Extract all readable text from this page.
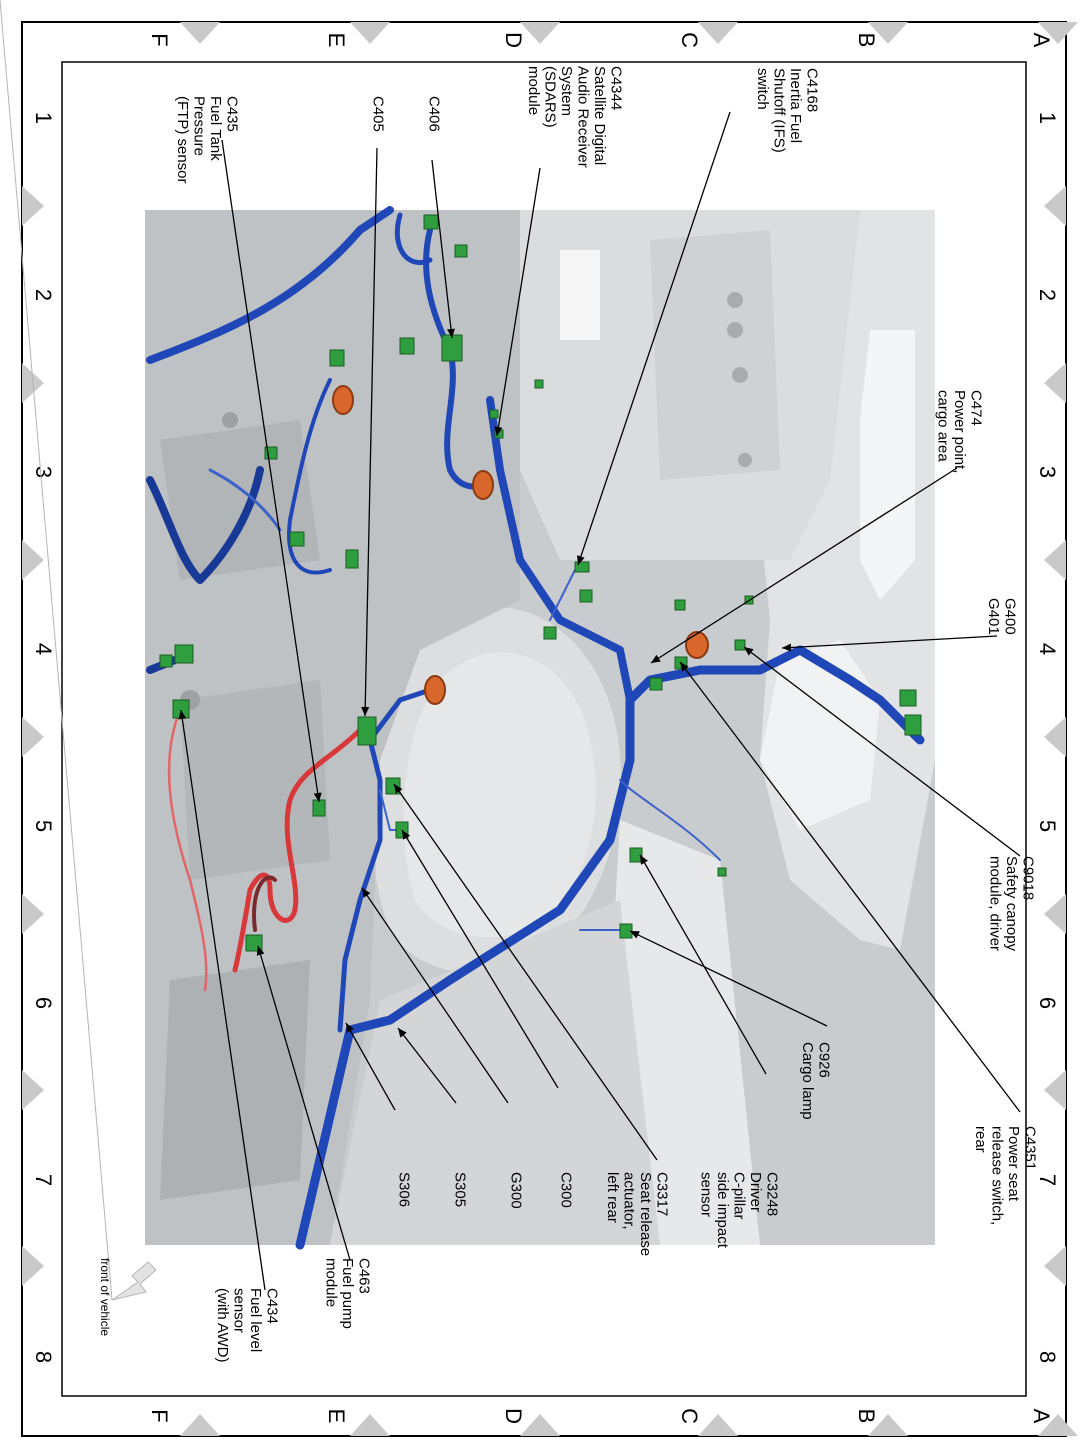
A
A
B
B
C
C
D
D
E
E
F
F
1	1
2	2
3	3
4	4
5	5
6	6
7	7
8	8
C4168
Inertia Fuel
Shutoff (IFS)
switch
C4344
Satellite Digital
Audio Receiver
System
(SDARS)
module
C406
C405
C435
Fuel Tank
Pressure
(FTP) sensor
C474
Power point,
cargo area
G400
G401
C9018
Safety canopy
module, driver
C4351
Power seat
release switch,
rear
C926
Cargo lamp
C3248
Driver
C-pillar
side impact
sensor
C3317
Seat release
actuator,
left rear
C300
G300
S305
S306
C463
Fuel pump
module
C434
Fuel level
sensor
(with AWD)
front of vehicle
